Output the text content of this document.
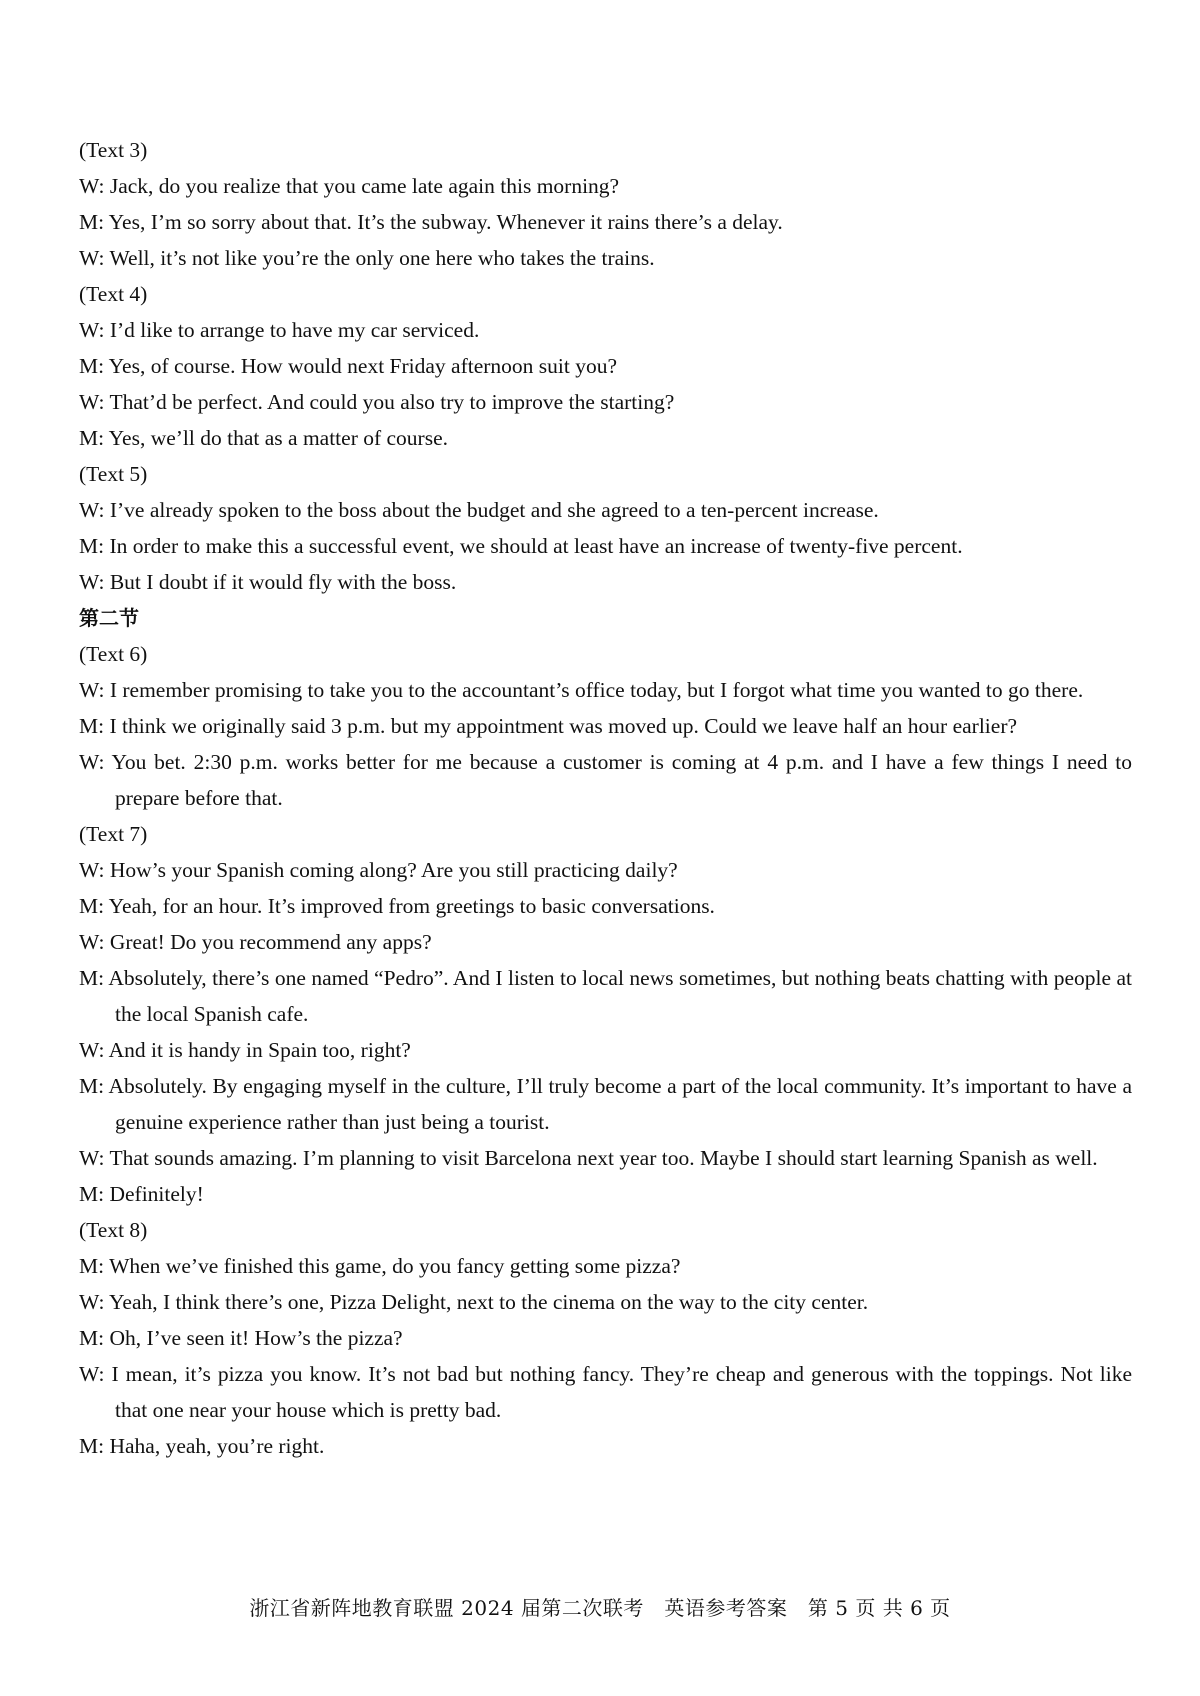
(Text 3)

W: Jack, do you realize that you came late again this morning?

M: Yes, I’m so sorry about that. It’s the subway. Whenever it rains there’s a delay.

W: Well, it’s not like you’re the only one here who takes the trains.

(Text 4)

W: I’d like to arrange to have my car serviced.

M: Yes, of course. How would next Friday afternoon suit you?

W: That’d be perfect. And could you also try to improve the starting?

M: Yes, we’ll do that as a matter of course.

(Text 5)

W: I’ve already spoken to the boss about the budget and she agreed to a ten-percent increase.

M: In order to make this a successful event, we should at least have an increase of twenty-five percent.

W: But I doubt if it would fly with the boss.

第二节

(Text 6)

W: I remember promising to take you to the accountant’s office today, but I forgot what time you wanted to go there.

M: I think we originally said 3 p.m. but my appointment was moved up. Could we leave half an hour earlier?

W: You bet. 2:30 p.m. works better for me because a customer is coming at 4 p.m. and I have a few things I need to prepare before that.

(Text 7)

W: How’s your Spanish coming along? Are you still practicing daily?

M: Yeah, for an hour. It’s improved from greetings to basic conversations.

W: Great! Do you recommend any apps?

M: Absolutely, there’s one named “Pedro”. And I listen to local news sometimes, but nothing beats chatting with people at the local Spanish cafe.

W: And it is handy in Spain too, right?

M: Absolutely. By engaging myself in the culture, I’ll truly become a part of the local community. It’s important to have a genuine experience rather than just being a tourist.

W: That sounds amazing. I’m planning to visit Barcelona next year too. Maybe I should start learning Spanish as well.

M: Definitely!

(Text 8)

M: When we’ve finished this game, do you fancy getting some pizza?

W: Yeah, I think there’s one, Pizza Delight, next to the cinema on the way to the city center.

M: Oh, I’ve seen it! How’s the pizza?

W: I mean, it’s pizza you know. It’s not bad but nothing fancy. They’re cheap and generous with the toppings. Not like that one near your house which is pretty bad.

M: Haha, yeah, you’re right.

浙江省新阵地教育联盟 2024 届第二次联考　英语参考答案　第 5 页 共 6 页
